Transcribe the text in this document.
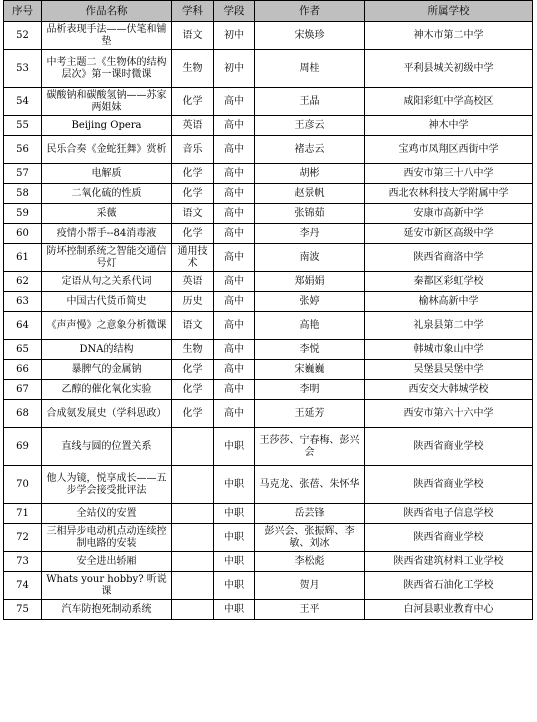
序号	作品名称	学科	学段	作者	所属学校
52	品析表现手法——伏笔和铺垫	语文	初中	宋焕珍	神木市第二中学
53	中考主题二《生物体的结构层次》第一课时微课	生物	初中	周桂	平利县城关初级中学
54	碳酸钠和碳酸氢钠——苏家两姐妹	化学	高中	王晶	咸阳彩虹中学高校区
55	Beijing Opera	英语	高中	王彦云	神木中学
56	民乐合奏《金蛇狂舞》赏析	音乐	高中	褚志云	宝鸡市凤翔区西街中学
57	电解质	化学	高中	胡彬	西安市第三十八中学
58	二氧化硫的性质	化学	高中	赵景帆	西北农林科技大学附属中学
59	采薇	语文	高中	张锦茹	安康市高新中学
60	疫情小帮手--84消毒液	化学	高中	李丹	延安市新区高级中学
61	防坏控制系统之智能交通信号灯	通用技术	高中	南波	陕西省商洛中学
62	定语从句之关系代词	英语	高中	郑娟娟	秦都区彩虹学校
63	中国古代货币简史	历史	高中	张婷	榆林高新中学
64	《声声慢》之意象分析微课	语文	高中	高艳	礼泉县第二中学
65	DNA的结构	生物	高中	李悦	韩城市象山中学
66	暴脾气的金属钠	化学	高中	宋巍巍	吴堡县吴堡中学
67	乙醇的催化氧化实验	化学	高中	李明	西安交大韩城学校
68	合成氨发展史（学科思政）	化学	高中	王延芳	西安市第六十六中学
69	直线与圆的位置关系		中职	王莎莎、宁春梅、彭兴会	陕西省商业学校
70	他人为镜，悦享成长——五步学会接受批评法		中职	马克龙、张蓓、朱怀华	陕西省商业学校
71	全站仪的安置		中职	岳芸锋	陕西省电子信息学校
72	三相异步电动机点动连续控制电路的安装		中职	彭兴会、张振辉、李敏、刘冰	陕西省商业学校
73	安全进出轿厢		中职	李松彪	陕西省建筑材料工业学校
74	Whats your hobby? 听说课		中职	贺月	陕西省石油化工学校
75	汽车防抱死制动系统		中职	王平	白河县职业教育中心
